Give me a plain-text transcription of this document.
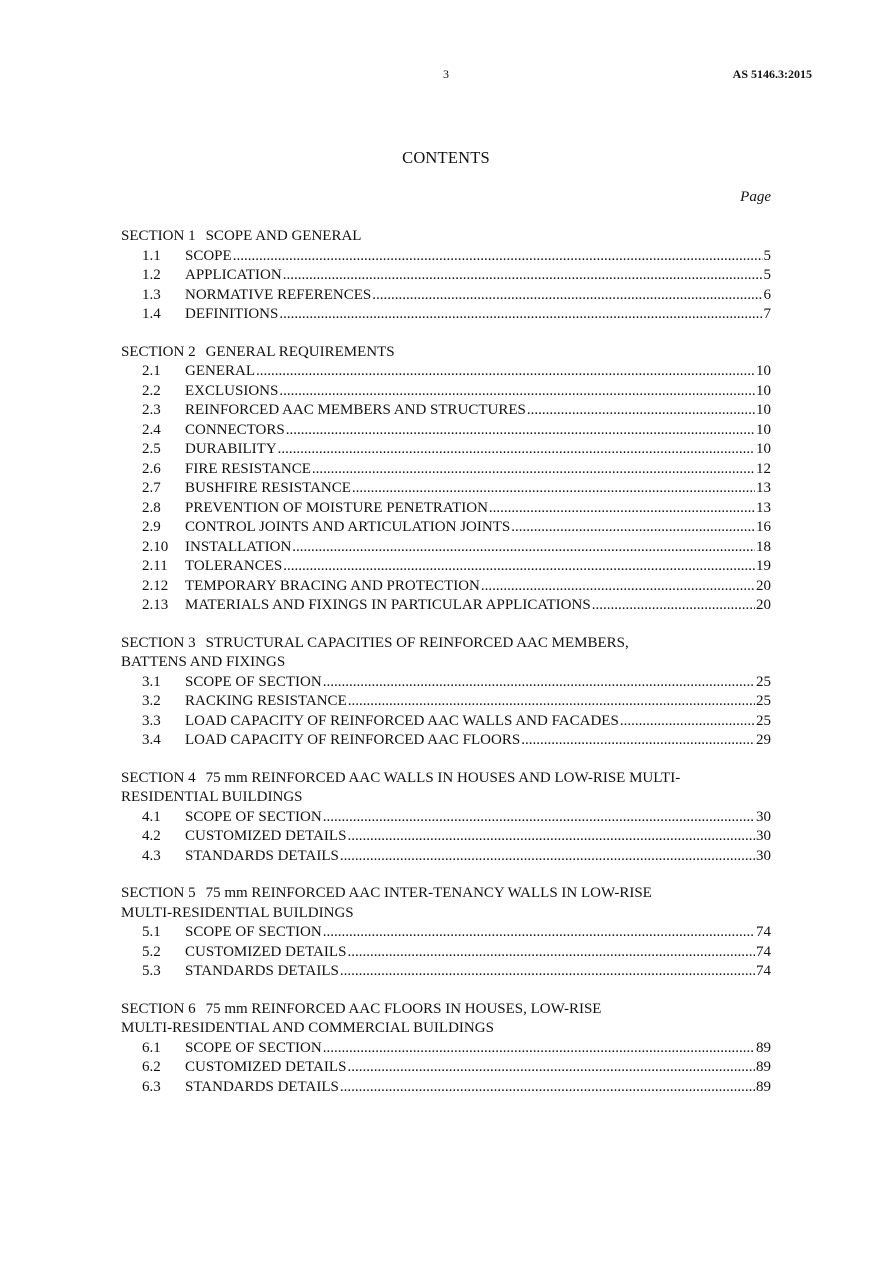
3	AS 5146.3:2015
CONTENTS
Page
SECTION 1 SCOPE AND GENERAL
1.1	SCOPE .....	5
1.2	APPLICATION .....	5
1.3	NORMATIVE REFERENCES .....	6
1.4	DEFINITIONS .....	7
SECTION 2 GENERAL REQUIREMENTS
2.1	GENERAL .....	10
2.2	EXCLUSIONS .....	10
2.3	REINFORCED AAC MEMBERS AND STRUCTURES .....	10
2.4	CONNECTORS .....	10
2.5	DURABILITY .....	10
2.6	FIRE RESISTANCE .....	12
2.7	BUSHFIRE RESISTANCE .....	13
2.8	PREVENTION OF MOISTURE PENETRATION .....	13
2.9	CONTROL JOINTS AND ARTICULATION JOINTS .....	16
2.10	INSTALLATION .....	18
2.11	TOLERANCES .....	19
2.12	TEMPORARY BRACING AND PROTECTION .....	20
2.13	MATERIALS AND FIXINGS IN PARTICULAR APPLICATIONS .....	20
SECTION 3 STRUCTURAL CAPACITIES OF REINFORCED AAC MEMBERS,
BATTENS AND FIXINGS
3.1	SCOPE OF SECTION .....	25
3.2	RACKING RESISTANCE .....	25
3.3	LOAD CAPACITY OF REINFORCED AAC WALLS AND FACADES .....	25
3.4	LOAD CAPACITY OF REINFORCED AAC FLOORS .....	29
SECTION 4 75 mm REINFORCED AAC WALLS IN HOUSES AND LOW-RISE MULTI-
RESIDENTIAL BUILDINGS
4.1	SCOPE OF SECTION .....	30
4.2	CUSTOMIZED DETAILS .....	30
4.3	STANDARDS DETAILS .....	30
SECTION 5 75 mm REINFORCED AAC INTER-TENANCY WALLS IN LOW-RISE
MULTI-RESIDENTIAL BUILDINGS
5.1	SCOPE OF SECTION .....	74
5.2	CUSTOMIZED DETAILS .....	74
5.3	STANDARDS DETAILS .....	74
SECTION 6 75 mm REINFORCED AAC FLOORS IN HOUSES, LOW-RISE
MULTI-RESIDENTIAL AND COMMERCIAL BUILDINGS
6.1	SCOPE OF SECTION .....	89
6.2	CUSTOMIZED DETAILS .....	89
6.3	STANDARDS DETAILS .....	89
